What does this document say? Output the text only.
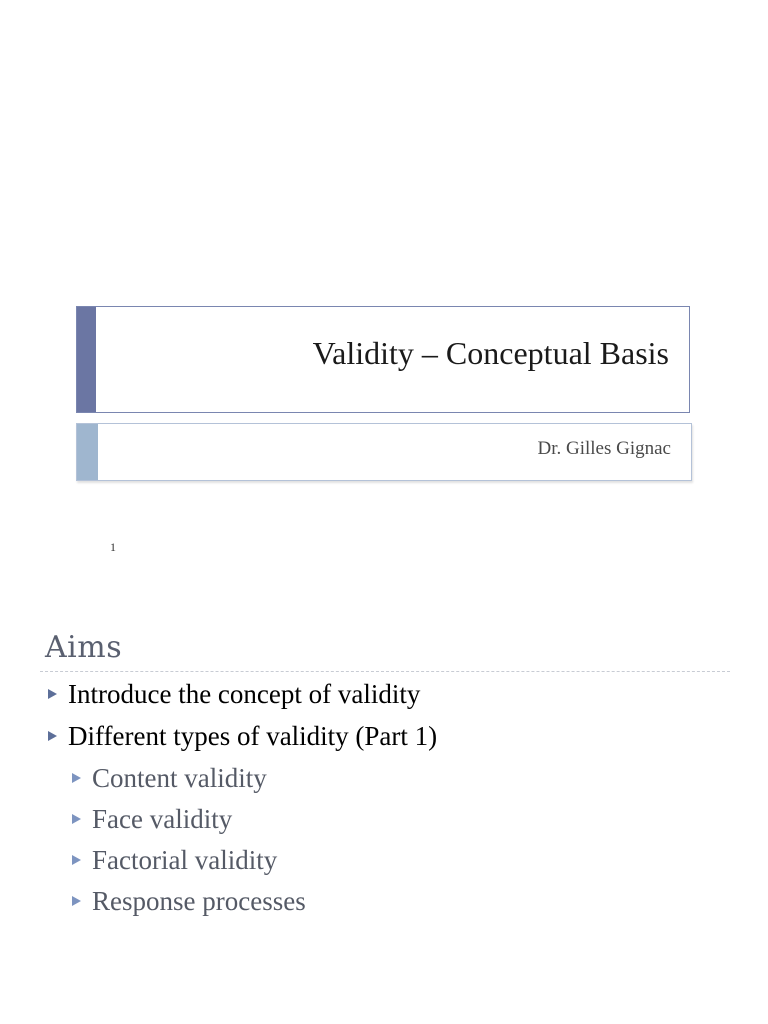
Validity – Conceptual Basis
Dr. Gilles Gignac
1
Aims
Introduce the concept of validity
Different types of validity (Part 1)
Content validity
Face validity
Factorial validity
Response processes
